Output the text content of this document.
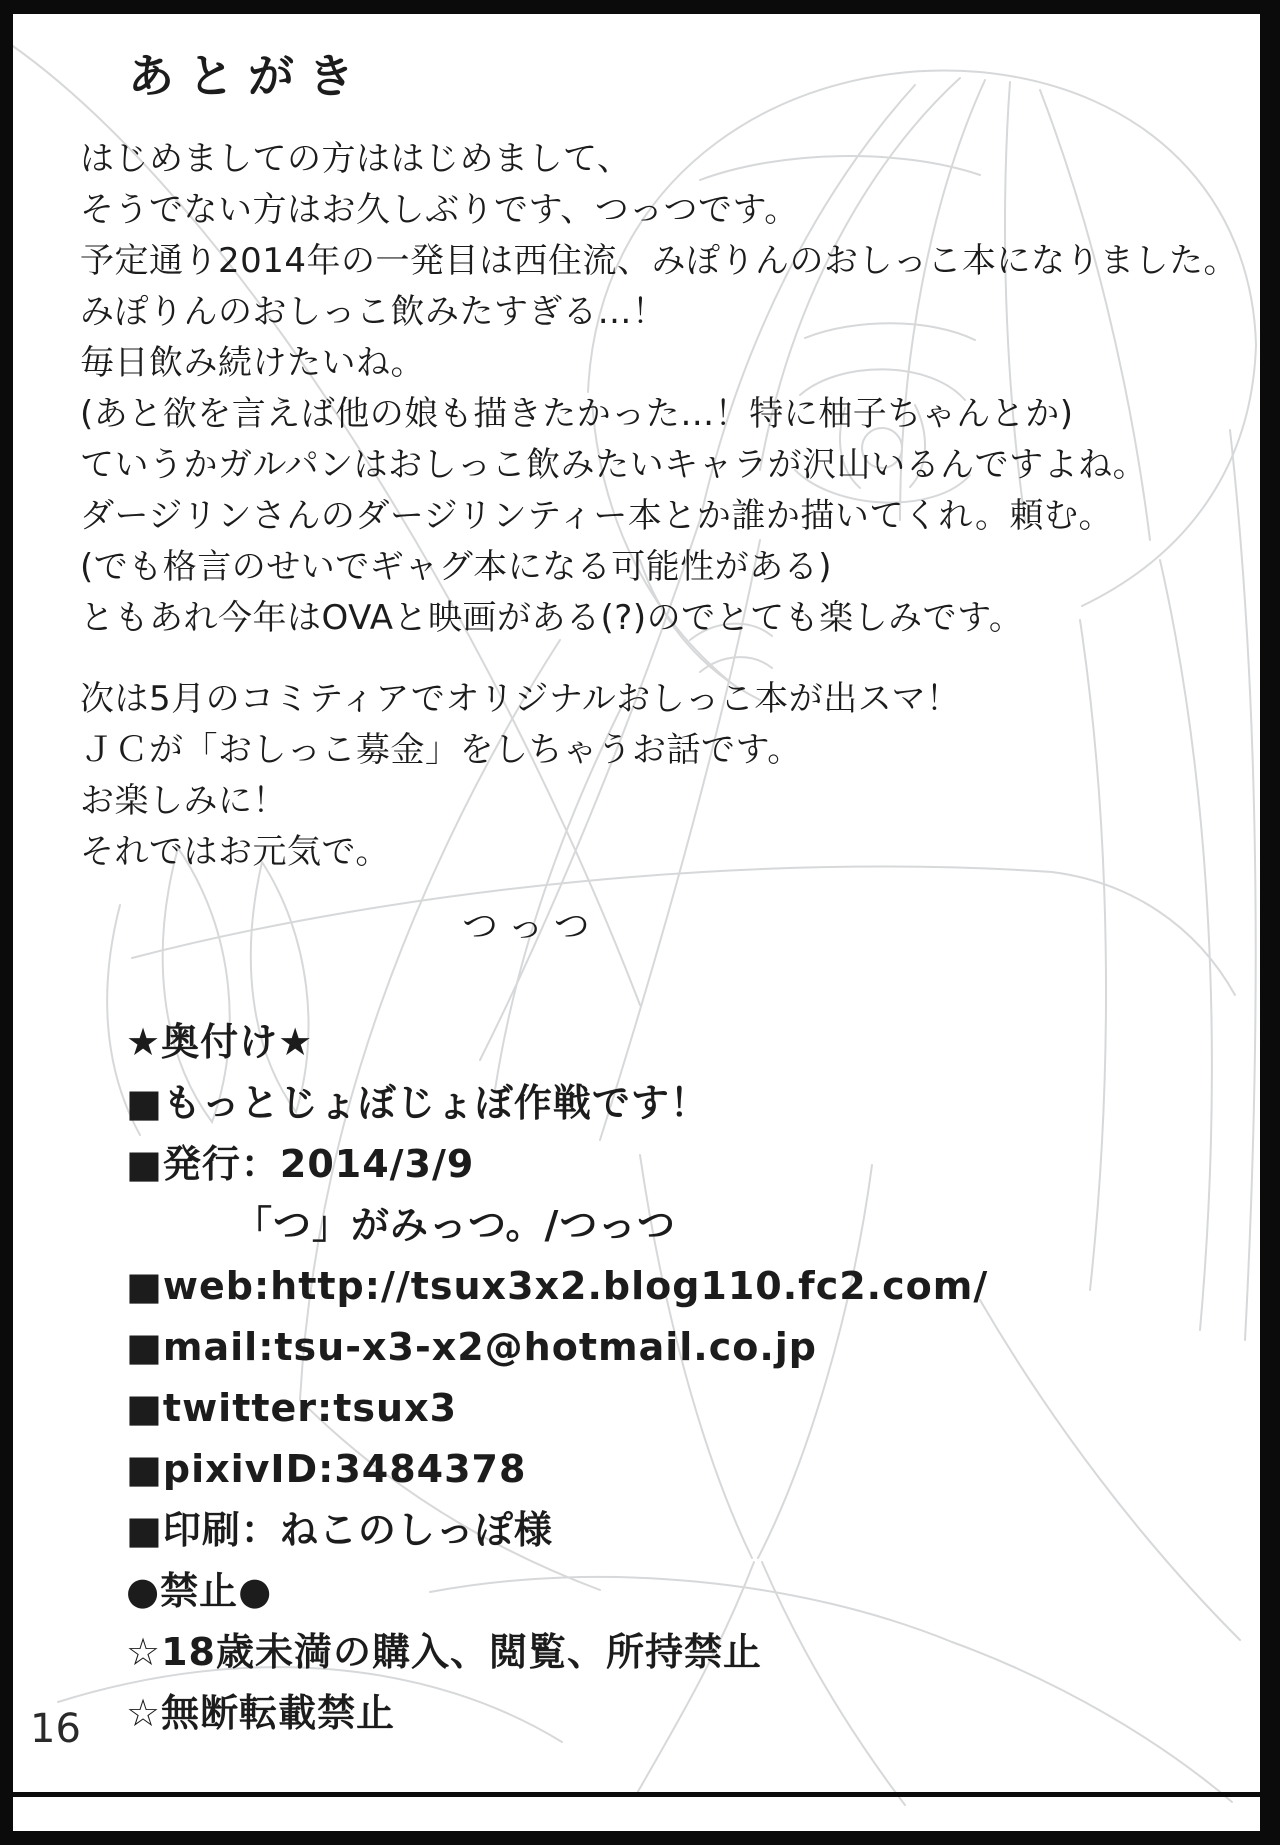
あとがき
はじめましての方ははじめまして、
そうでない方はお久しぶりです、つっつです。
予定通り2014年の一発目は西住流、みぽりんのおしっこ本になりました。
みぽりんのおしっこ飲みたすぎる…！
毎日飲み続けたいね。
(あと欲を言えば他の娘も描きたかった…！特に柚子ちゃんとか)
ていうかガルパンはおしっこ飲みたいキャラが沢山いるんですよね。
ダージリンさんのダージリンティー本とか誰か描いてくれ。頼む。
(でも格言のせいでギャグ本になる可能性がある)
ともあれ今年はOVAと映画がある(?)のでとても楽しみです。
次は5月のコミティアでオリジナルおしっこ本が出スマ！
ＪＣが「おしっこ募金」をしちゃうお話です。
お楽しみに！
それではお元気で。
つっつ
★奥付け★
■もっとじょぼじょぼ作戦です！
■発行：2014/3/9
「つ」がみっつ。/つっつ
■web:http://tsux3x2.blog110.fc2.com/
■mail:tsu-x3-x2@hotmail.co.jp
■twitter:tsux3
■pixivID:3484378
■印刷：ねこのしっぽ様
●禁止●
☆18歳未満の購入、閲覧、所持禁止
☆無断転載禁止
16
